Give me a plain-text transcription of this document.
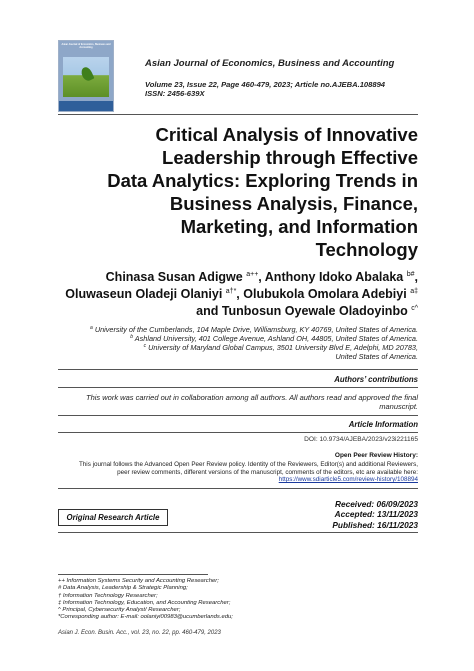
Asian Journal of Economics, Business and Accounting
Asian Journal of Economics, Business and Accounting
Volume 23, Issue 22, Page 460-479, 2023; Article no.AJEBA.108894
ISSN: 2456-639X
Critical Analysis of Innovative
Leadership through Effective
Data Analytics: Exploring Trends in
Business Analysis, Finance,
Marketing, and Information
Technology
Chinasa Susan Adigwe $^{a++}$, Anthony Idoko Abalaka $^{b\#}$,
Oluwaseun Oladeji Olaniyi $^{a\dagger*}$, Olubukola Omolara Adebiyi $^{a\ddagger}$
and Tunbosun Oyewale Oladoyinbo $^{c\^{}}$
$^a$ University of the Cumberlands, 104 Maple Drive, Williamsburg, KY 40769, United States of America.
$^b$ Ashland University, 401 College Avenue, Ashland OH, 44805, United States of America.
$^c$ University of Maryland Global Campus, 3501 University Blvd E, Adelphi, MD 20783,
United States of America.
Authors’ contributions
This work was carried out in collaboration among all authors. All authors read and approved the final
manuscript.
Article Information
DOI: 10.9734/AJEBA/2023/v23i221165
Open Peer Review History:
This journal follows the Advanced Open Peer Review policy. Identity of the Reviewers, Editor(s) and additional Reviewers,
peer review comments, different versions of the manuscript, comments of the editors, etc are available here:
https://www.sdiarticle5.com/review-history/108894
Original Research Article
Received: 06/09/2023
Accepted: 13/11/2023
Published: 16/11/2023
++ Information Systems Security and Accounting Researcher;
# Data Analysis, Leadership & Strategic Planning;
† Information Technology Researcher;
‡ Information Technology, Education, and Accounting Researcher;
^ Principal, Cybersecurity Analyst/ Researcher;
*Corresponding author: E-mail: oolaniyi00983@ucumberlands.edu;
Asian J. Econ. Busin. Acc., vol. 23, no. 22, pp. 460-479, 2023
